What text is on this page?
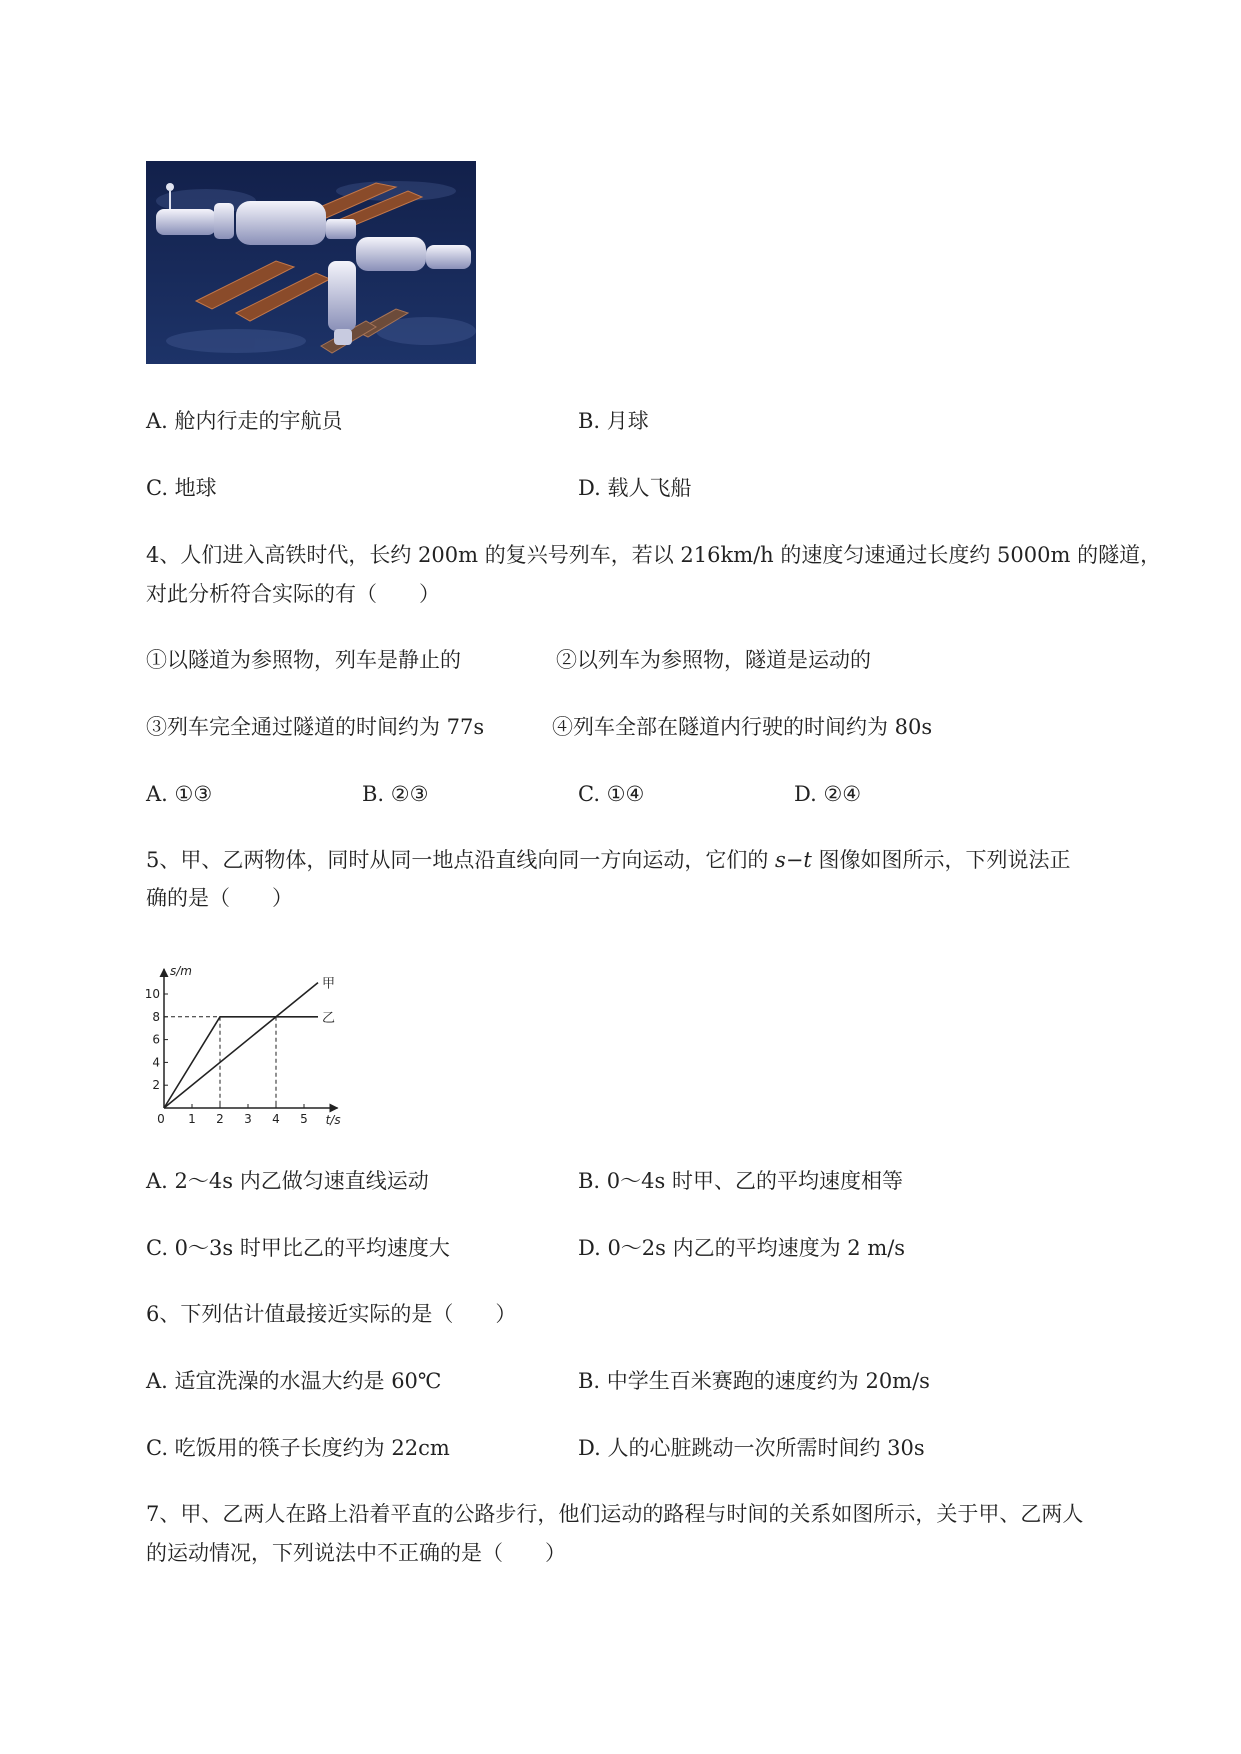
A. 舱内行走的宇航员	B. 月球
C. 地球	D. 载人飞船
4、人们进入高铁时代，长约 200m 的复兴号列车，若以 216km/h 的速度匀速通过长度约 5000m 的隧道，
对此分析符合实际的有（　　）
①以隧道为参照物，列车是静止的	②以列车为参照物，隧道是运动的
③列车完全通过隧道的时间约为 77s	④列车全部在隧道内行驶的时间约为 80s
A. ①③	B. ②③	C. ①④	D. ②④
5、甲、乙两物体，同时从同一地点沿直线向同一方向运动，它们的 s−t 图像如图所示，下列说法正
确的是（　　）
0 1 2 3 4 5
2
4
6
8
10
s/m
t/s
甲
乙
A. 2～4s 内乙做匀速直线运动	B. 0～4s 时甲、乙的平均速度相等
C. 0～3s 时甲比乙的平均速度大	D. 0～2s 内乙的平均速度为 2 m/s
6、下列估计值最接近实际的是（　　）
A. 适宜洗澡的水温大约是 60℃	B. 中学生百米赛跑的速度约为 20m/s
C. 吃饭用的筷子长度约为 22cm	D. 人的心脏跳动一次所需时间约 30s
7、甲、乙两人在路上沿着平直的公路步行，他们运动的路程与时间的关系如图所示，关于甲、乙两人
的运动情况，下列说法中不正确的是（　　）
